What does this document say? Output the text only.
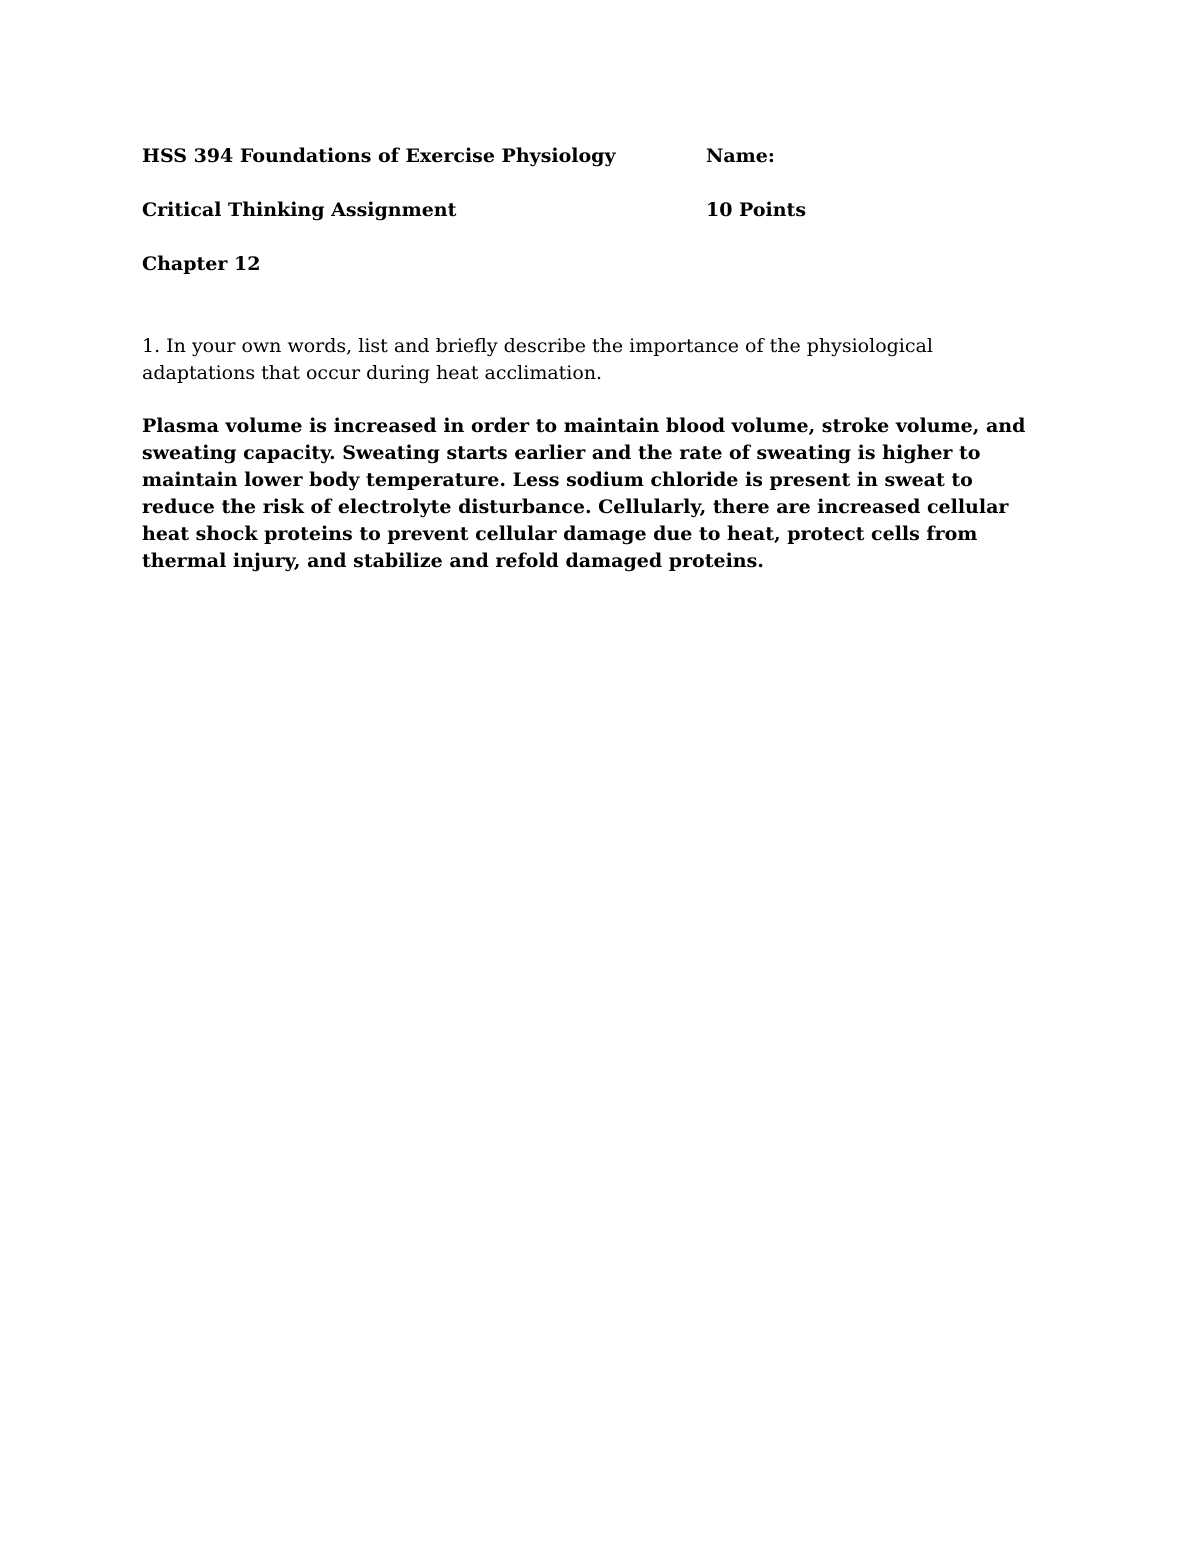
HSS 394 Foundations of Exercise Physiology	Name:
Critical Thinking Assignment	10 Points
Chapter 12
1. In your own words, list and briefly describe the importance of the physiological adaptations that occur during heat acclimation.
Plasma volume is increased in order to maintain blood volume, stroke volume, and sweating capacity. Sweating starts earlier and the rate of sweating is higher to maintain lower body temperature. Less sodium chloride is present in sweat to reduce the risk of electrolyte disturbance. Cellularly, there are increased cellular heat shock proteins to prevent cellular damage due to heat, protect cells from thermal injury, and stabilize and refold damaged proteins.
